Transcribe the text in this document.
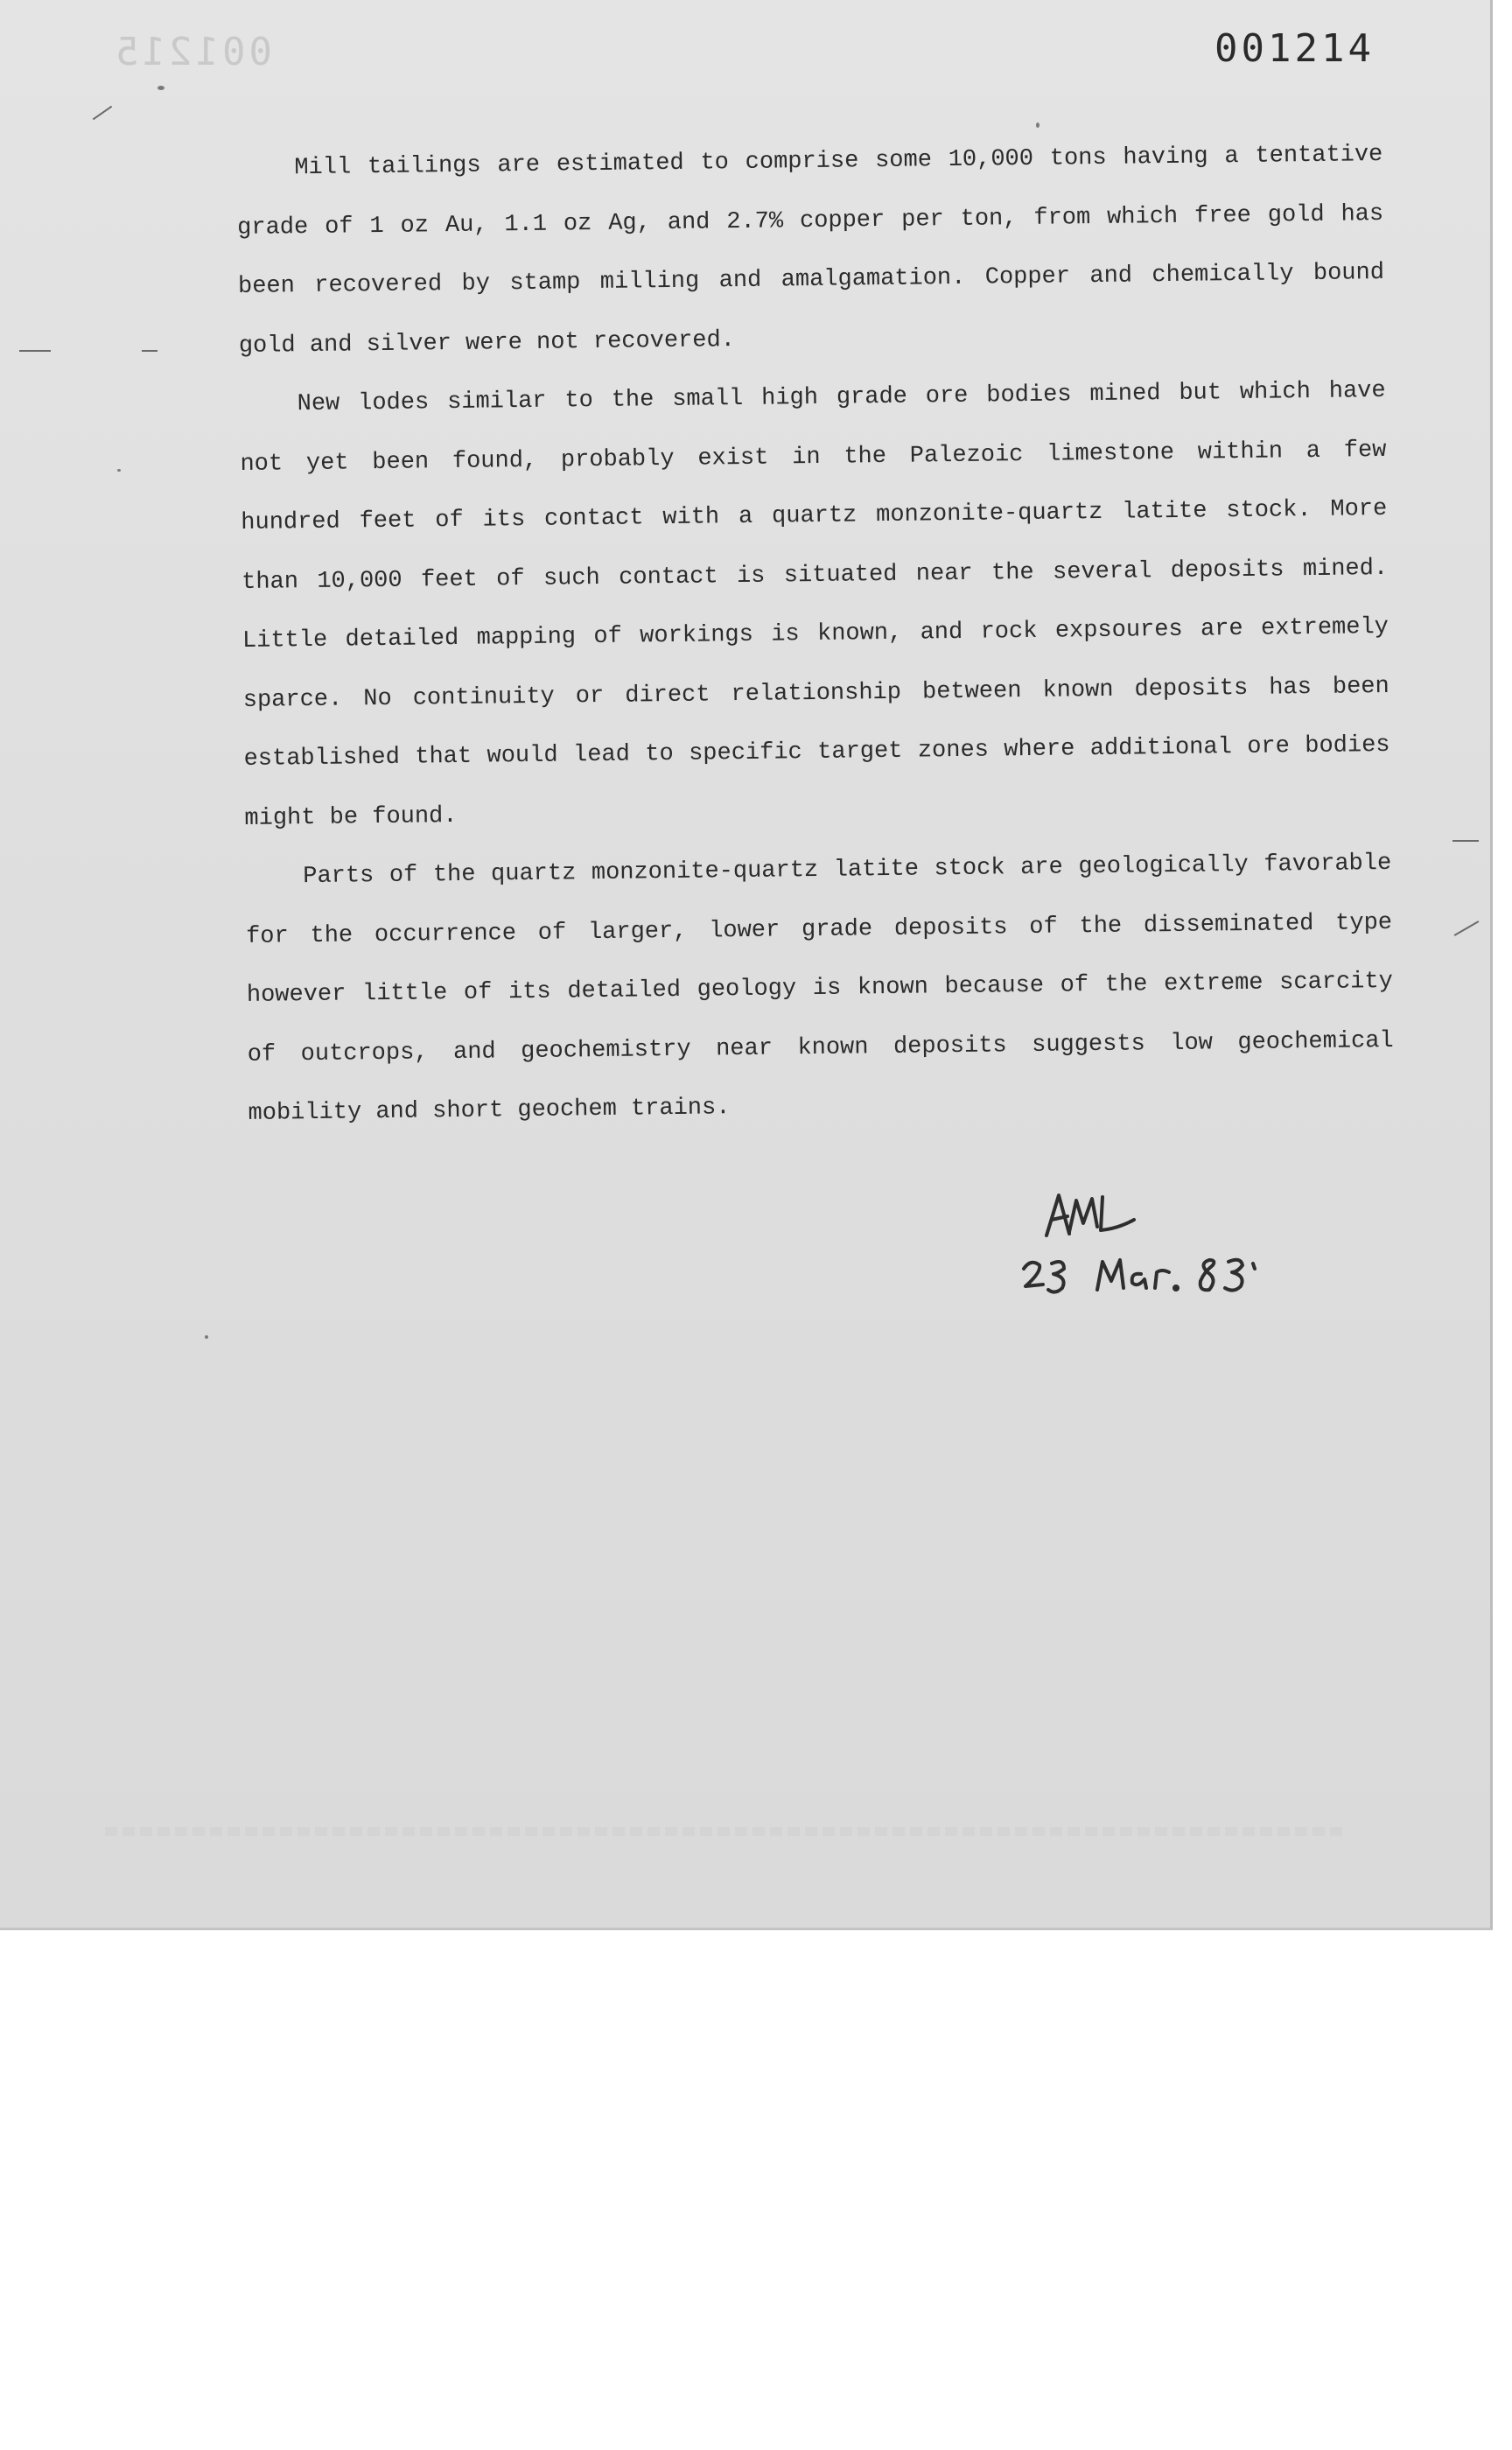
001215	001214

Mill tailings are estimated to comprise some 10,000 tons having a tentative grade of 1 oz Au, 1.1 oz Ag, and 2.7% copper per ton, from which free gold has been recovered by stamp milling and amalgamation. Copper and chemically bound gold and silver were not recovered.

New lodes similar to the small high grade ore bodies mined but which have not yet been found, probably exist in the Palezoic limestone within a few hundred feet of its contact with a quartz monzonite-quartz latite stock. More than 10,000 feet of such contact is situated near the several deposits mined. Little detailed mapping of workings is known, and rock expsoures are extremely sparce. No continuity or direct relationship between known deposits has been established that would lead to specific target zones where additional ore bodies might be found.

Parts of the quartz monzonite-quartz latite stock are geologically favorable for the occurrence of larger, lower grade deposits of the disseminated type however little of its detailed geology is known because of the extreme scarcity of outcrops, and geochemistry near known deposits suggests low geochemical mobility and short geochem trains.
